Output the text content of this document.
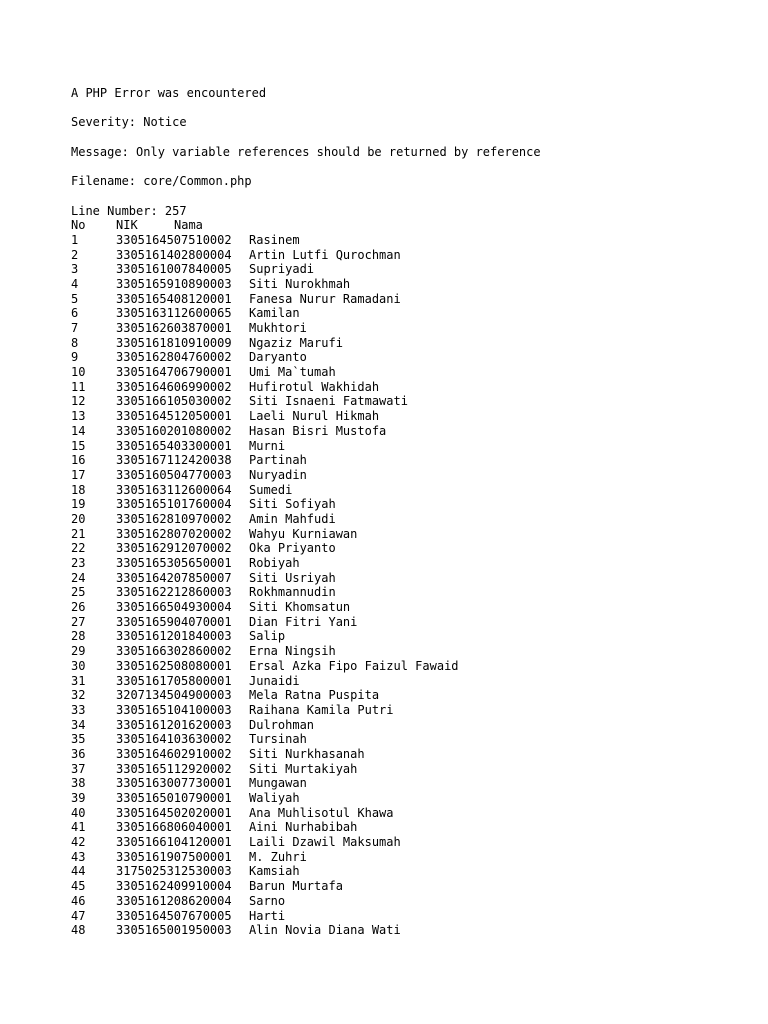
A PHP Error was encountered
Severity: Notice
Message: Only variable references should be returned by reference
Filename: core/Common.php
Line Number: 257
No	NIK	Nama
1	3305164507510002	Rasinem
2	3305161402800004	Artin Lutfi Qurochman
3	3305161007840005	Supriyadi
4	3305165910890003	Siti Nurokhmah
5	3305165408120001	Fanesa Nurur Ramadani
6	3305163112600065	Kamilan
7	3305162603870001	Mukhtori
8	3305161810910009	Ngaziz Marufi
9	3305162804760002	Daryanto
10	3305164706790001	Umi Ma`tumah
11	3305164606990002	Hufirotul Wakhidah
12	3305166105030002	Siti Isnaeni Fatmawati
13	3305164512050001	Laeli Nurul Hikmah
14	3305160201080002	Hasan Bisri Mustofa
15	3305165403300001	Murni
16	3305167112420038	Partinah
17	3305160504770003	Nuryadin
18	3305163112600064	Sumedi
19	3305165101760004	Siti Sofiyah
20	3305162810970002	Amin Mahfudi
21	3305162807020002	Wahyu Kurniawan
22	3305162912070002	Oka Priyanto
23	3305165305650001	Robiyah
24	3305164207850007	Siti Usriyah
25	3305162212860003	Rokhmannudin
26	3305166504930004	Siti Khomsatun
27	3305165904070001	Dian Fitri Yani
28	3305161201840003	Salip
29	3305166302860002	Erna Ningsih
30	3305162508080001	Ersal Azka Fipo Faizul Fawaid
31	3305161705800001	Junaidi
32	3207134504900003	Mela Ratna Puspita
33	3305165104100003	Raihana Kamila Putri
34	3305161201620003	Dulrohman
35	3305164103630002	Tursinah
36	3305164602910002	Siti Nurkhasanah
37	3305165112920002	Siti Murtakiyah
38	3305163007730001	Mungawan
39	3305165010790001	Waliyah
40	3305164502020001	Ana Muhlisotul Khawa
41	3305166806040001	Aini Nurhabibah
42	3305166104120001	Laili Dzawil Maksumah
43	3305161907500001	M. Zuhri
44	3175025312530003	Kamsiah
45	3305162409910004	Barun Murtafa
46	3305161208620004	Sarno
47	3305164507670005	Harti
48	3305165001950003	Alin Novia Diana Wati
